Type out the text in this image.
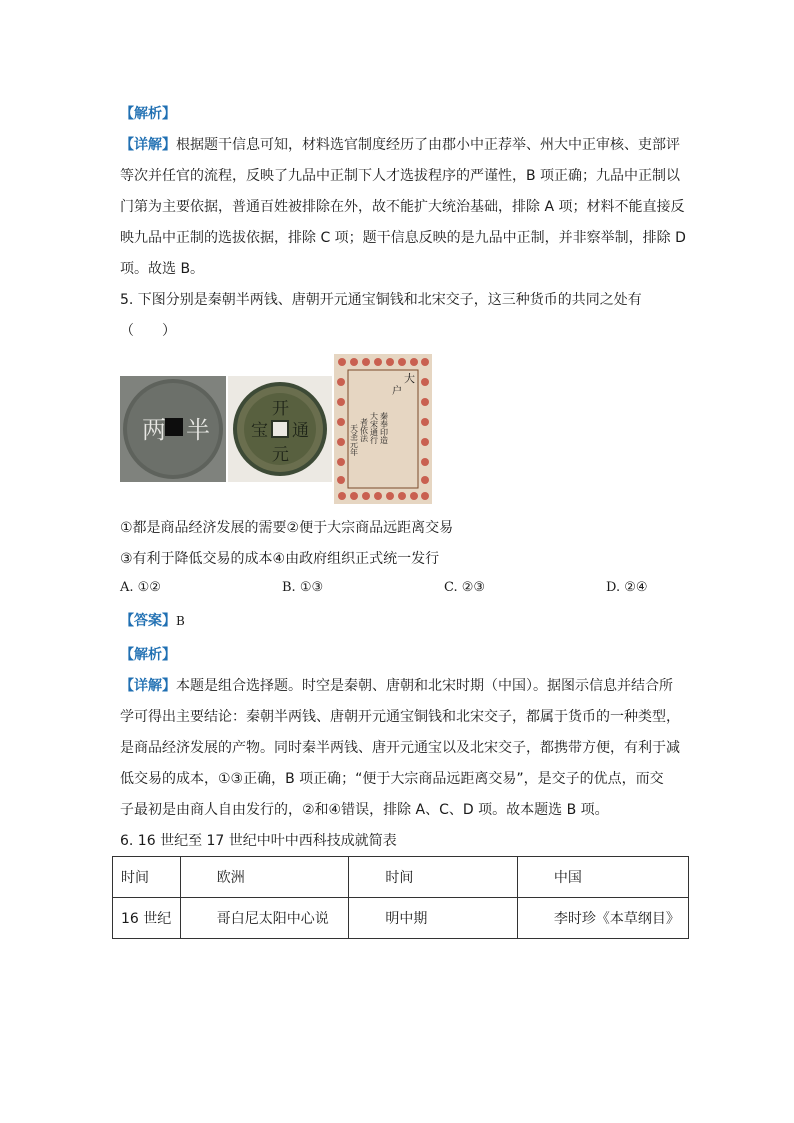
【解析】
【详解】根据题干信息可知，材料选官制度经历了由郡小中正荐举、州大中正审核、吏部评
等次并任官的流程，反映了九品中正制下人才选拔程序的严谨性，B 项正确；九品中正制以
门第为主要依据，普通百姓被排除在外，故不能扩大统治基础，排除 A 项；材料不能直接反
映九品中正制的选拔依据，排除 C 项；题干信息反映的是九品中正制，并非察举制，排除 D
项。故选 B。
5. 下图分别是秦朝半两钱、唐朝开元通宝铜钱和北宋交子，这三种货币的共同之处有
（　　）
两 半
开
元
通
宝
大
户
秦奉印造
大宋通行
者依法
天圣元年
①都是商品经济发展的需要②便于大宗商品远距离交易
③有利于降低交易的成本④由政府组织正式统一发行
A. ①②	B. ①③	C. ②③	D. ②④
【答案】B
【解析】
【详解】本题是组合选择题。时空是秦朝、唐朝和北宋时期（中国）。据图示信息并结合所
学可得出主要结论：秦朝半两钱、唐朝开元通宝铜钱和北宋交子，都属于货币的一种类型，
是商品经济发展的产物。同时秦半两钱、唐开元通宝以及北宋交子，都携带方便，有利于减
低交易的成本，①③正确，B 项正确；“便于大宗商品远距离交易”，是交子的优点，而交
子最初是由商人自由发行的，②和④错误，排除 A、C、D 项。故本题选 B 项。
6. 16 世纪至 17 世纪中叶中西科技成就简表
时间	欧洲	时间	中国
16 世纪	哥白尼太阳中心说	明中期	李时珍《本草纲目》
